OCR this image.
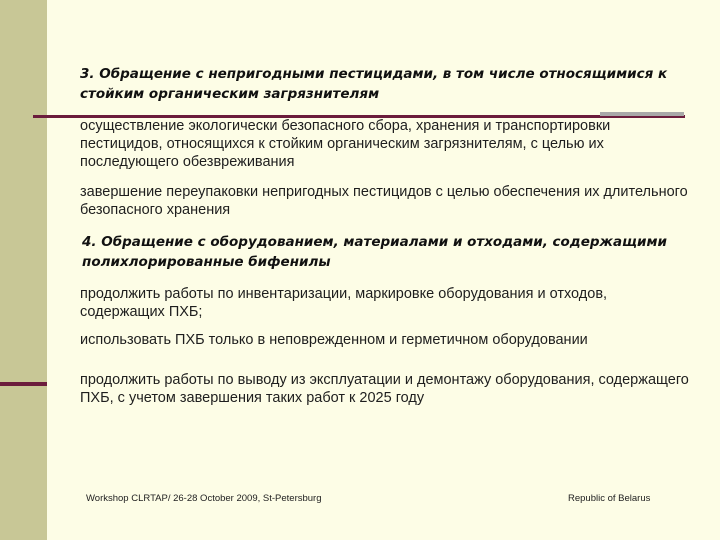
3. Обращение с непригодными пестицидами, в том числе относящимися к стойким органическим загрязнителям
осуществление экологически безопасного сбора, хранения и транспортировки пестицидов, относящихся к стойким органическим загрязнителям, с целью их последующего обезвреживания
завершение переупаковки непригодных пестицидов с целью обеспечения их длительного безопасного хранения
4. Обращение с оборудованием, материалами и отходами, содержащими полихлорированные бифенилы
продолжить работы по инвентаризации, маркировке оборудования и отходов, содержащих ПХБ;
использовать ПХБ только в неповрежденном и герметичном оборудовании
продолжить работы по выводу из эксплуатации и демонтажу оборудования, содержащего ПХБ, с учетом завершения таких работ к 2025 году
Workshop CLRTAP/ 26-28 October 2009, St-Petersburg	Republic of Belarus
